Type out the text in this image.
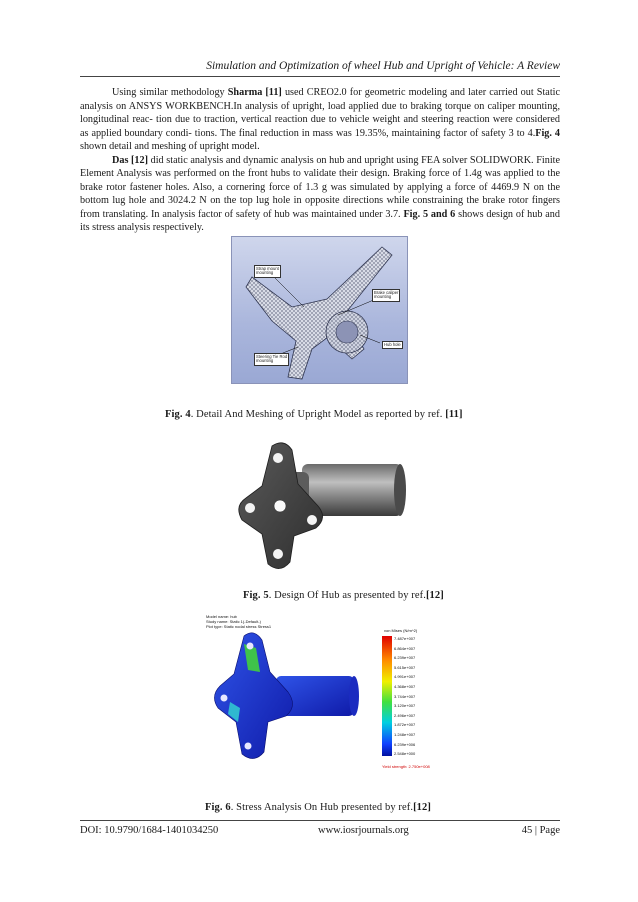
Simulation and Optimization of wheel Hub and Upright of Vehicle: A Review

Using similar methodology Sharma [11] used CREO2.0 for geometric modeling and later carried out Static analysis on ANSYS WORKBENCH.In analysis of upright, load applied due to braking torque on caliper mounting, longitudinal reac- tion due to traction, vertical reaction due to vehicle weight and steering reaction were considered as applied boundary condi- tions. The final reduction in mass was 19.35%, maintaining factor of safety 3 to 4.Fig. 4 shown detail and meshing of upright model.

Das [12] did static analysis and dynamic analysis on hub and upright using FEA solver SOLIDWORK. Finite Element Analysis was performed on the front hubs to validate their design. Braking force of 1.4g was applied to the brake rotor fastener holes. Also, a cornering force of 1.3 g was simulated by applying a force of 4469.9 N on the bottom lug hole and 3024.2 N on the top lug hole in opposite directions while constraining the brake rotor fingers from translating. In analysis factor of safety of hub was maintained under 3.7. Fig. 5 and 6 shows design of hub and its stress analysis respectively.

Strap mount
mounting
Brake caliper
mounting
Hub hole
Steering Tie Rod
mounting
Fig. 4. Detail And Meshing of Upright Model as reported by ref. [11]
Fig. 5. Design Of Hub as presented by ref.[12]
Model name: hub
Study name: Static 1(-Default-)
Plot type: Static nodal stress Stress1
von Mises (N/m^2)
7.487e+007
6.864e+007
6.239e+007
5.615e+007
4.991e+007
4.368e+007
3.744e+007
3.120e+007
2.496e+007
1.872e+007
1.248e+007
6.239e+006
2.548e+000
Yield strength: 2.750e+008
Fig. 6. Stress Analysis On Hub presented by ref.[12]
DOI: 10.9790/1684-1401034250	www.iosrjournals.org	45 | Page
